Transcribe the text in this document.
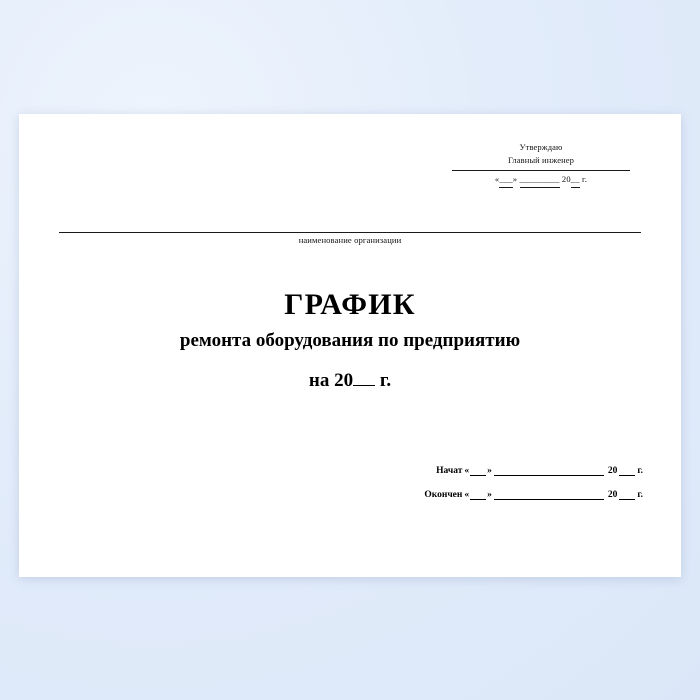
Утверждаю
Главный инженер
«___» _________ 20__ г.
наименование организации
ГРАФИК
ремонта оборудования по предприятию
на 20 г.
Начат « »	20 г.
Окончен « »	20 г.
